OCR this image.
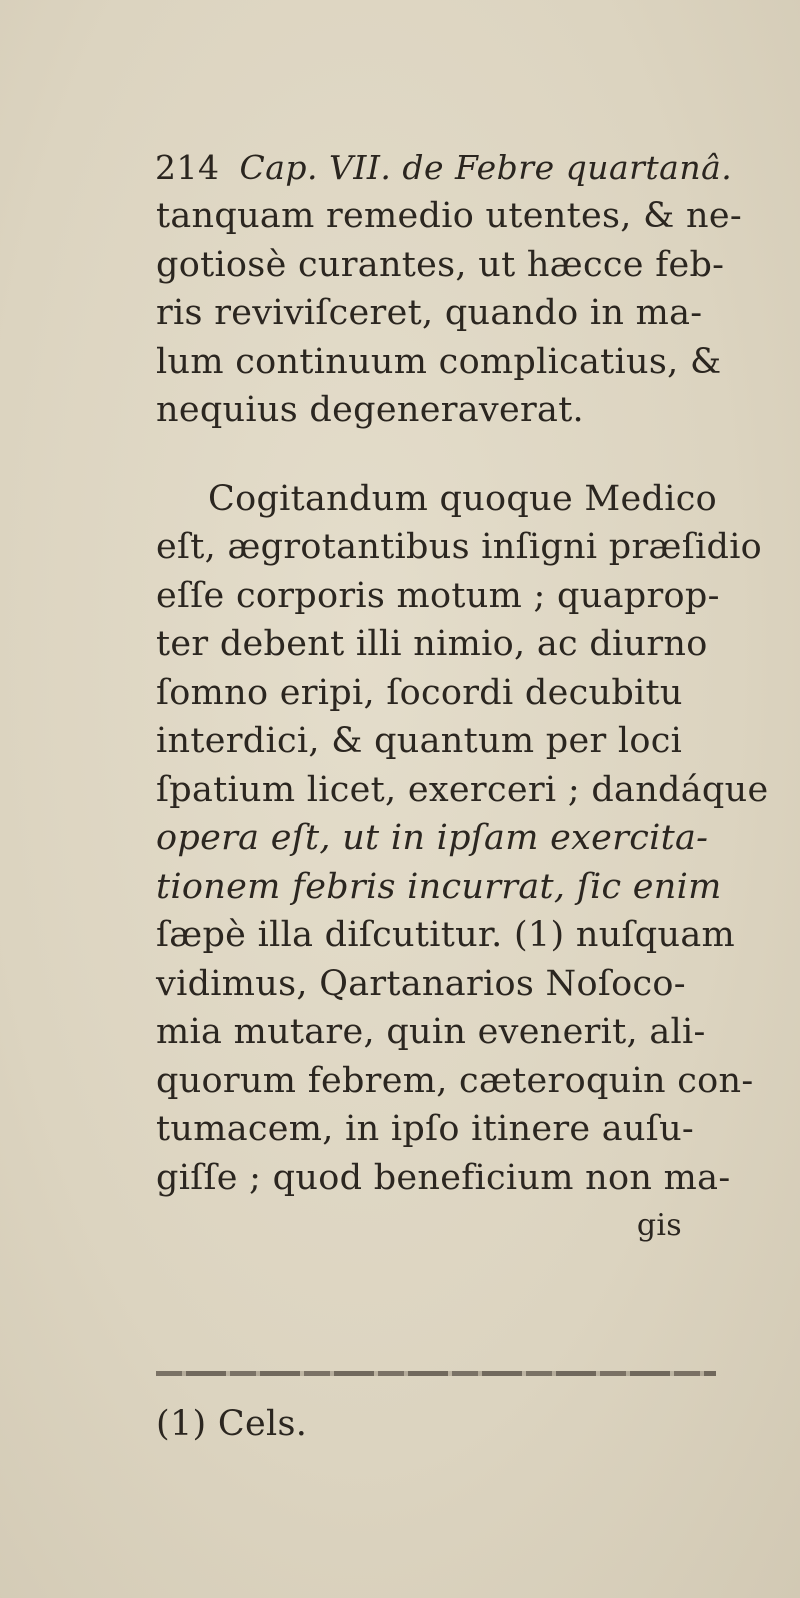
214 Cap. VII. de Febre quartanâ.
tanquam remedio utentes, & ne-
gotiosè curantes, ut hæcce feb-
ris reviviſceret, quando in ma-
lum continuum complicatius, &
nequius degeneraverat.
Cogitandum quoque Medico
eſt, ægrotantibus inſigni præſidio
eſſe corporis motum ; quaprop-
ter debent illi nimio, ac diurno
ſomno eripi, ſocordi decubitu
interdici, & quantum per loci
ſpatium licet, exerceri ; dandáque
opera eſt, ut in ipſam exercita-
tionem febris incurrat, ſic enim
ſæpè illa diſcutitur. (1) nuſquam
vidimus, Qartanarios Noſoco-
mia mutare, quin evenerit, ali-
quorum febrem, cæteroquin con-
tumacem, in ipſo itinere auſu-
giſſe ; quod beneficium non ma-
gis
(1) Cels.
